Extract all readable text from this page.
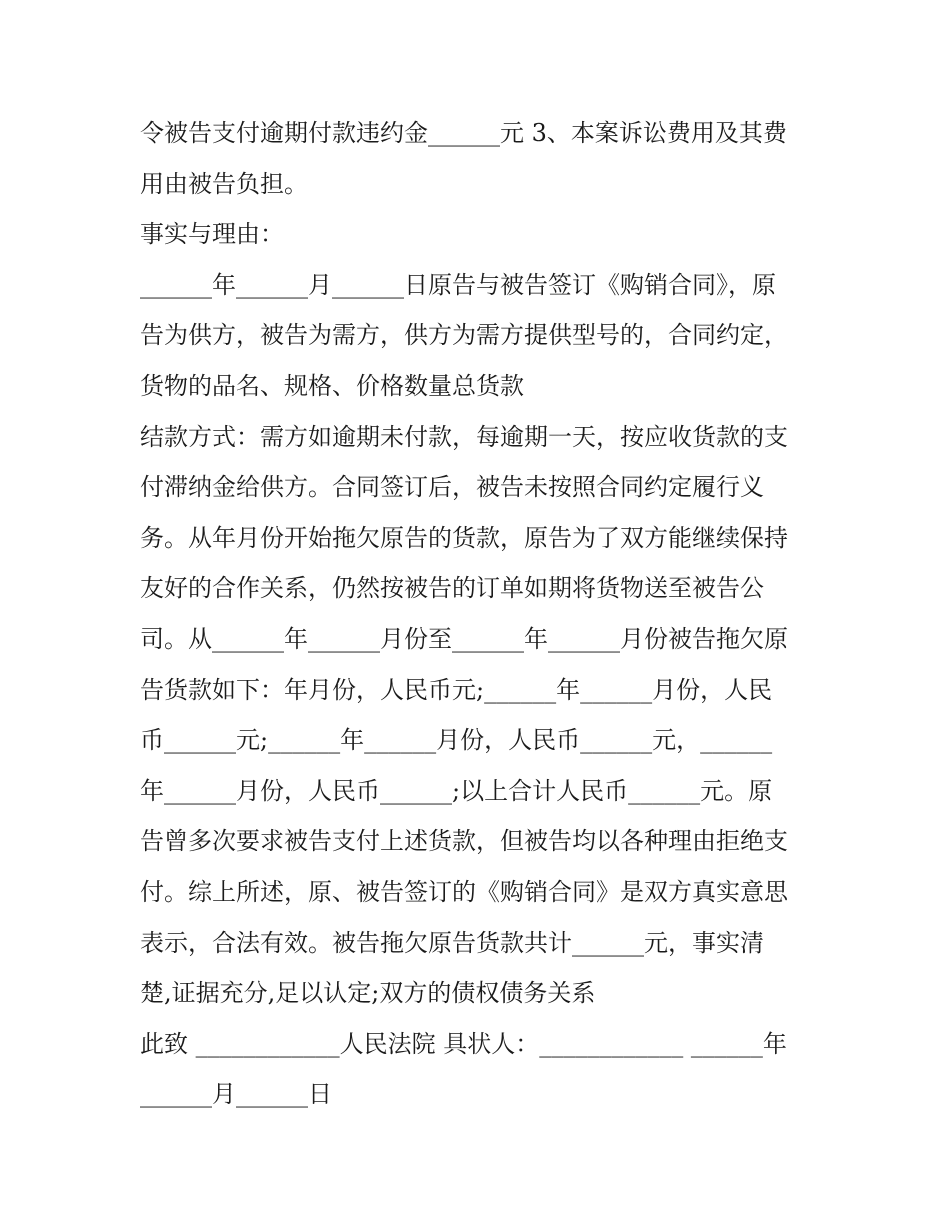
令被告支付逾期付款违约金______元 3、本案诉讼费用及其费
用由被告负担。
事实与理由：
______年______月______日原告与被告签订《购销合同》，原
告为供方，被告为需方，供方为需方提供型号的，合同约定，
货物的品名、规格、价格数量总货款
结款方式：需方如逾期未付款，每逾期一天，按应收货款的支
付滞纳金给供方。合同签订后，被告未按照合同约定履行义
务。从年月份开始拖欠原告的货款，原告为了双方能继续保持
友好的合作关系，仍然按被告的订单如期将货物送至被告公
司。从______年______月份至______年______月份被告拖欠原
告货款如下：年月份，人民币元;______年______月份，人民
币______元;______年______月份，人民币______元，______
年______月份，人民币______;以上合计人民币______元。原
告曾多次要求被告支付上述货款，但被告均以各种理由拒绝支
付。综上所述，原、被告签订的《购销合同》是双方真实意思
表示，合法有效。被告拖欠原告货款共计______元，事实清
楚,证据充分,足以认定;双方的债权债务关系
此致 ____________人民法院 具状人：____________ ______年
______月______日
